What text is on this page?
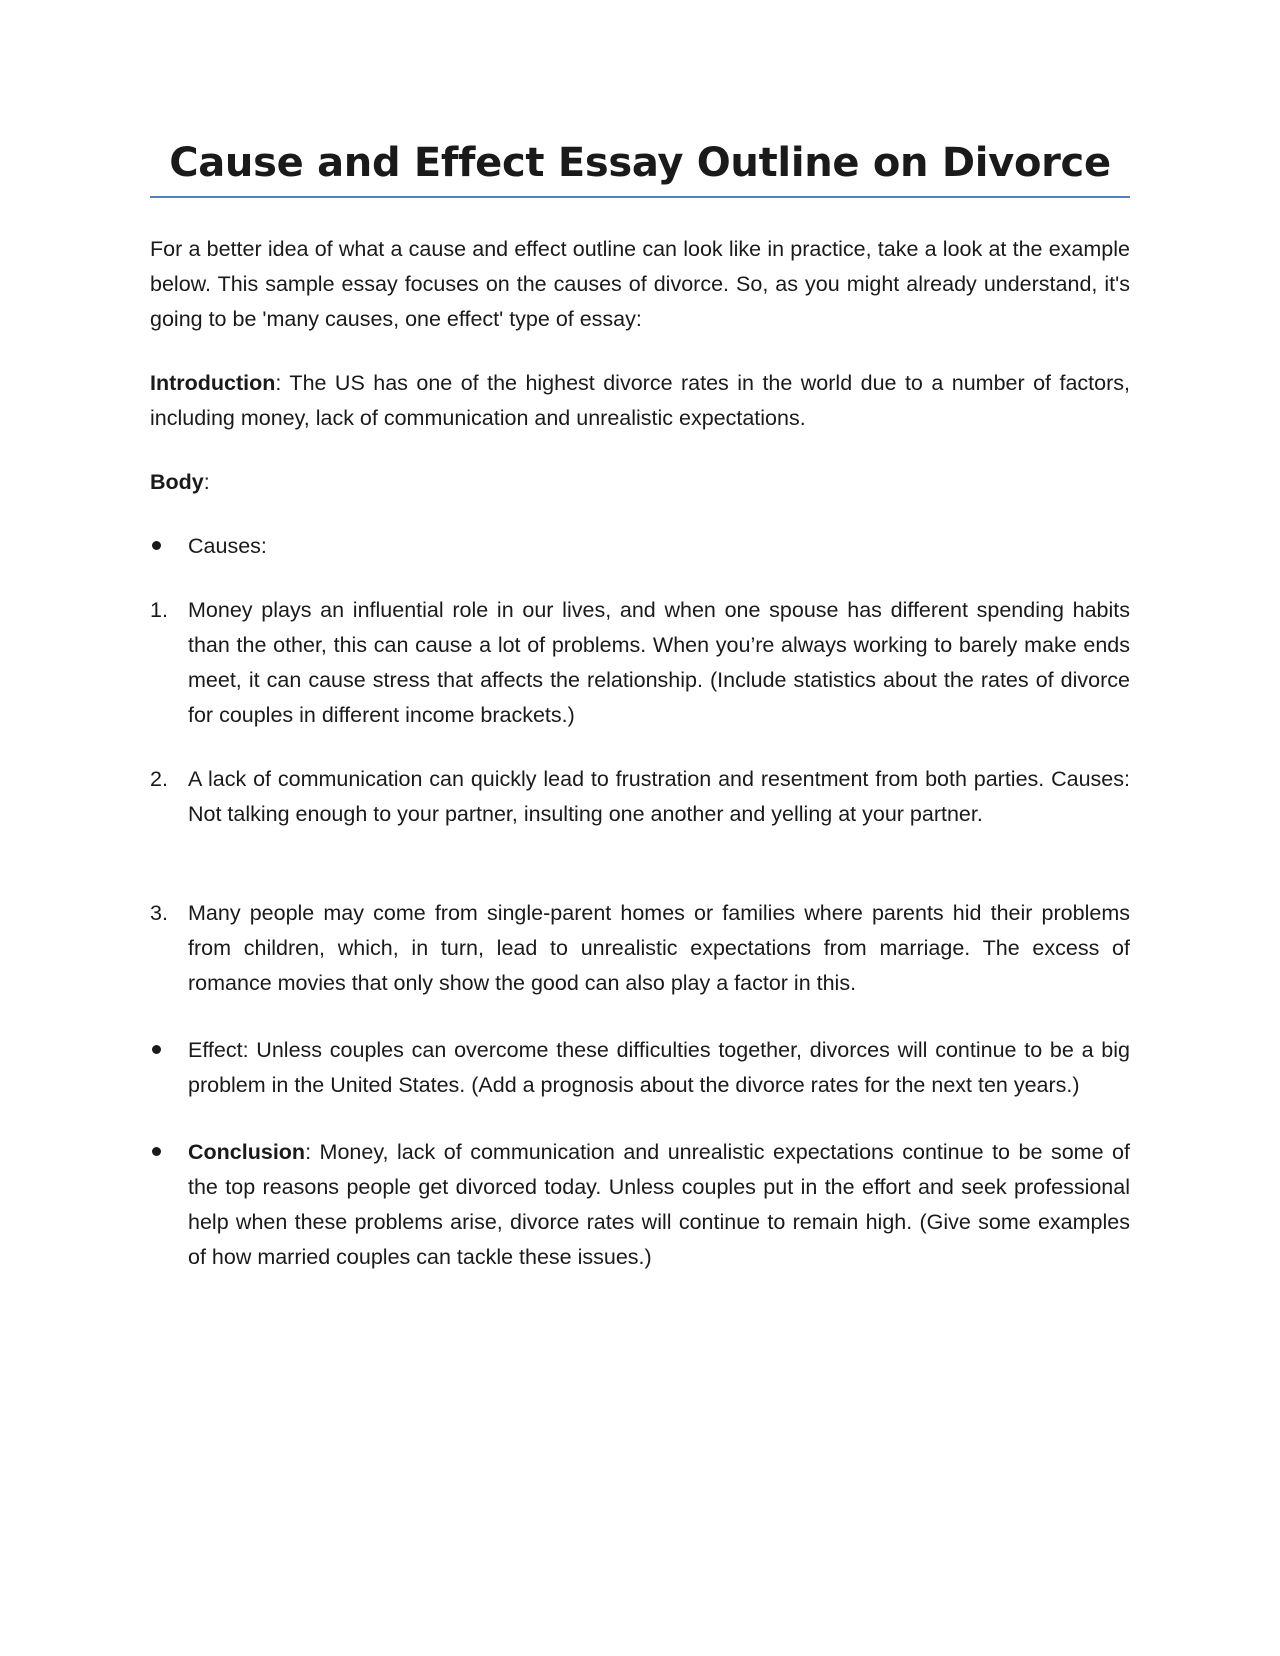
Cause and Effect Essay Outline on Divorce

For a better idea of what a cause and effect outline can look like in practice, take a look at the example below. This sample essay focuses on the causes of divorce. So, as you might already understand, it's going to be 'many causes, one effect' type of essay:

Introduction: The US has one of the highest divorce rates in the world due to a number of factors, including money, lack of communication and unrealistic expectations.

Body:

Causes:
1. Money plays an influential role in our lives, and when one spouse has different spending habits than the other, this can cause a lot of problems. When you’re always working to barely make ends meet, it can cause stress that affects the relationship. (Include statistics about the rates of divorce for couples in different income brackets.)
2. A lack of communication can quickly lead to frustration and resentment from both parties. Causes: Not talking enough to your partner, insulting one another and yelling at your partner.
3. Many people may come from single-parent homes or families where parents hid their problems from children, which, in turn, lead to unrealistic expectations from marriage. The excess of romance movies that only show the good can also play a factor in this.
Effect: Unless couples can overcome these difficulties together, divorces will continue to be a big problem in the United States. (Add a prognosis about the divorce rates for the next ten years.)
Conclusion: Money, lack of communication and unrealistic expectations continue to be some of the top reasons people get divorced today. Unless couples put in the effort and seek professional help when these problems arise, divorce rates will continue to remain high. (Give some examples of how married couples can tackle these issues.)
